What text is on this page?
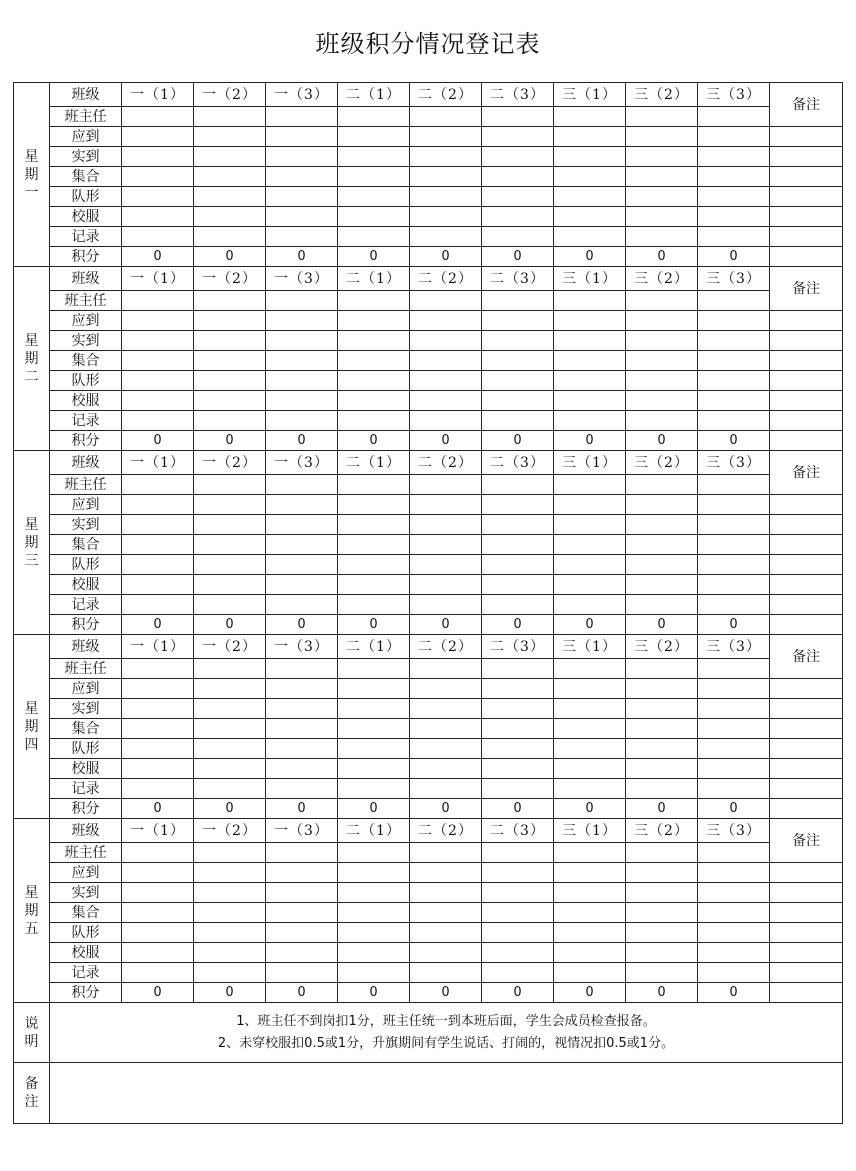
班级积分情况登记表
星
期
一	班级	一（1）	一（2）	一（3）	二（1）	二（2）	二（3）	三（1）	三（2）	三（3）	备注
	班主任										
	应到										
	实到										
	集合										
	队形										
	校服										
	记录										
	积分	0	0	0	0	0	0	0	0	0	

星
期
二	班级	一（1）	一（2）	一（3）	二（1）	二（2）	二（3）	三（1）	三（2）	三（3）	备注
	班主任										
	应到										
	实到										
	集合										
	队形										
	校服										
	记录										
	积分	0	0	0	0	0	0	0	0	0	

星
期
三	班级	一（1）	一（2）	一（3）	二（1）	二（2）	二（3）	三（1）	三（2）	三（3）	备注
	班主任										
	应到										
	实到										
	集合										
	队形										
	校服										
	记录										
	积分	0	0	0	0	0	0	0	0	0	

星
期
四	班级	一（1）	一（2）	一（3）	二（1）	二（2）	二（3）	三（1）	三（2）	三（3）	备注
	班主任										
	应到										
	实到										
	集合										
	队形										
	校服										
	记录										
	积分	0	0	0	0	0	0	0	0	0	

星
期
五	班级	一（1）	一（2）	一（3）	二（1）	二（2）	二（3）	三（1）	三（2）	三（3）	备注
	班主任										
	应到										
	实到										
	集合										
	队形										
	校服										
	记录										
	积分	0	0	0	0	0	0	0	0	0	

说
明	1、班主任不到岗扣1分，班主任统一到本班后面，学生会成员检查报备。
2、未穿校服扣0.5或1分，升旗期间有学生说话、打闹的，视情况扣0.5或1分。										

备
注											
